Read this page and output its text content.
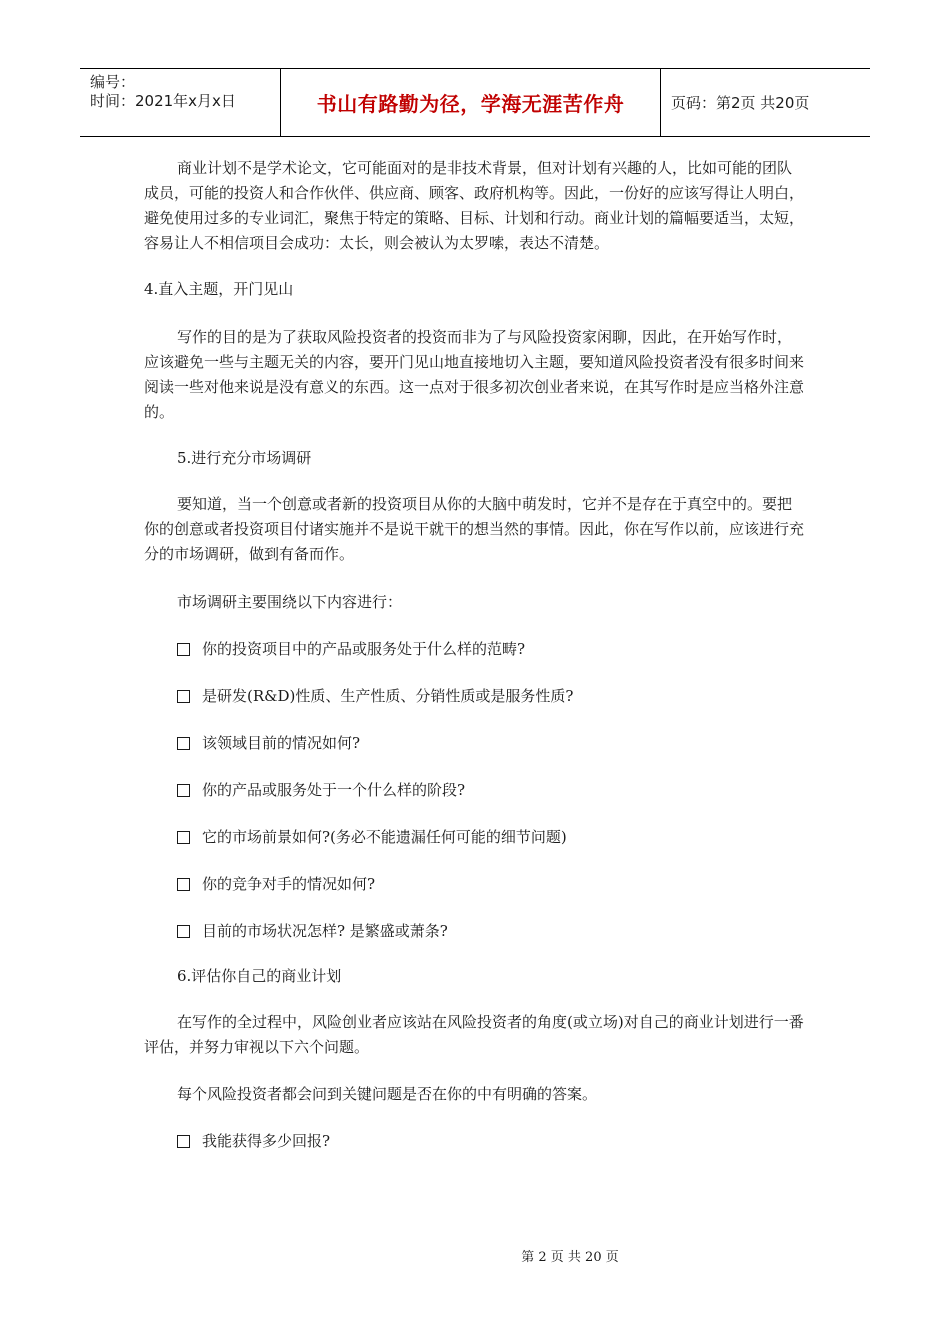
编号：
时间：2021年x月x日	书山有路勤为径，学海无涯苦作舟	页码：第2页 共20页

商业计划不是学术论文，它可能面对的是非技术背景，但对计划有兴趣的人，比如可能的团队成员，可能的投资人和合作伙伴、供应商、顾客、政府机构等。因此，一份好的应该写得让人明白，避免使用过多的专业词汇，聚焦于特定的策略、目标、计划和行动。商业计划的篇幅要适当，太短，容易让人不相信项目会成功：太长，则会被认为太罗嗦，表达不清楚。

4.直入主题，开门见山

写作的目的是为了获取风险投资者的投资而非为了与风险投资家闲聊，因此，在开始写作时，应该避免一些与主题无关的内容，要开门见山地直接地切入主题，要知道风险投资者没有很多时间来阅读一些对他来说是没有意义的东西。这一点对于很多初次创业者来说，在其写作时是应当格外注意的。

5.进行充分市场调研

要知道，当一个创意或者新的投资项目从你的大脑中萌发时，它并不是存在于真空中的。要把你的创意或者投资项目付诸实施并不是说干就干的想当然的事情。因此，你在写作以前，应该进行充分的市场调研，做到有备而作。

市场调研主要围绕以下内容进行：

你的投资项目中的产品或服务处于什么样的范畴?

是研发(R&D)性质、生产性质、分销性质或是服务性质?

该领域目前的情况如何?

你的产品或服务处于一个什么样的阶段?

它的市场前景如何?(务必不能遗漏任何可能的细节问题)

你的竞争对手的情况如何?

目前的市场状况怎样? 是繁盛或萧条?

6.评估你自己的商业计划

在写作的全过程中，风险创业者应该站在风险投资者的角度(或立场)对自己的商业计划进行一番评估，并努力审视以下六个问题。

每个风险投资者都会问到关键问题是否在你的中有明确的答案。

我能获得多少回报?

第 2 页 共 20 页
